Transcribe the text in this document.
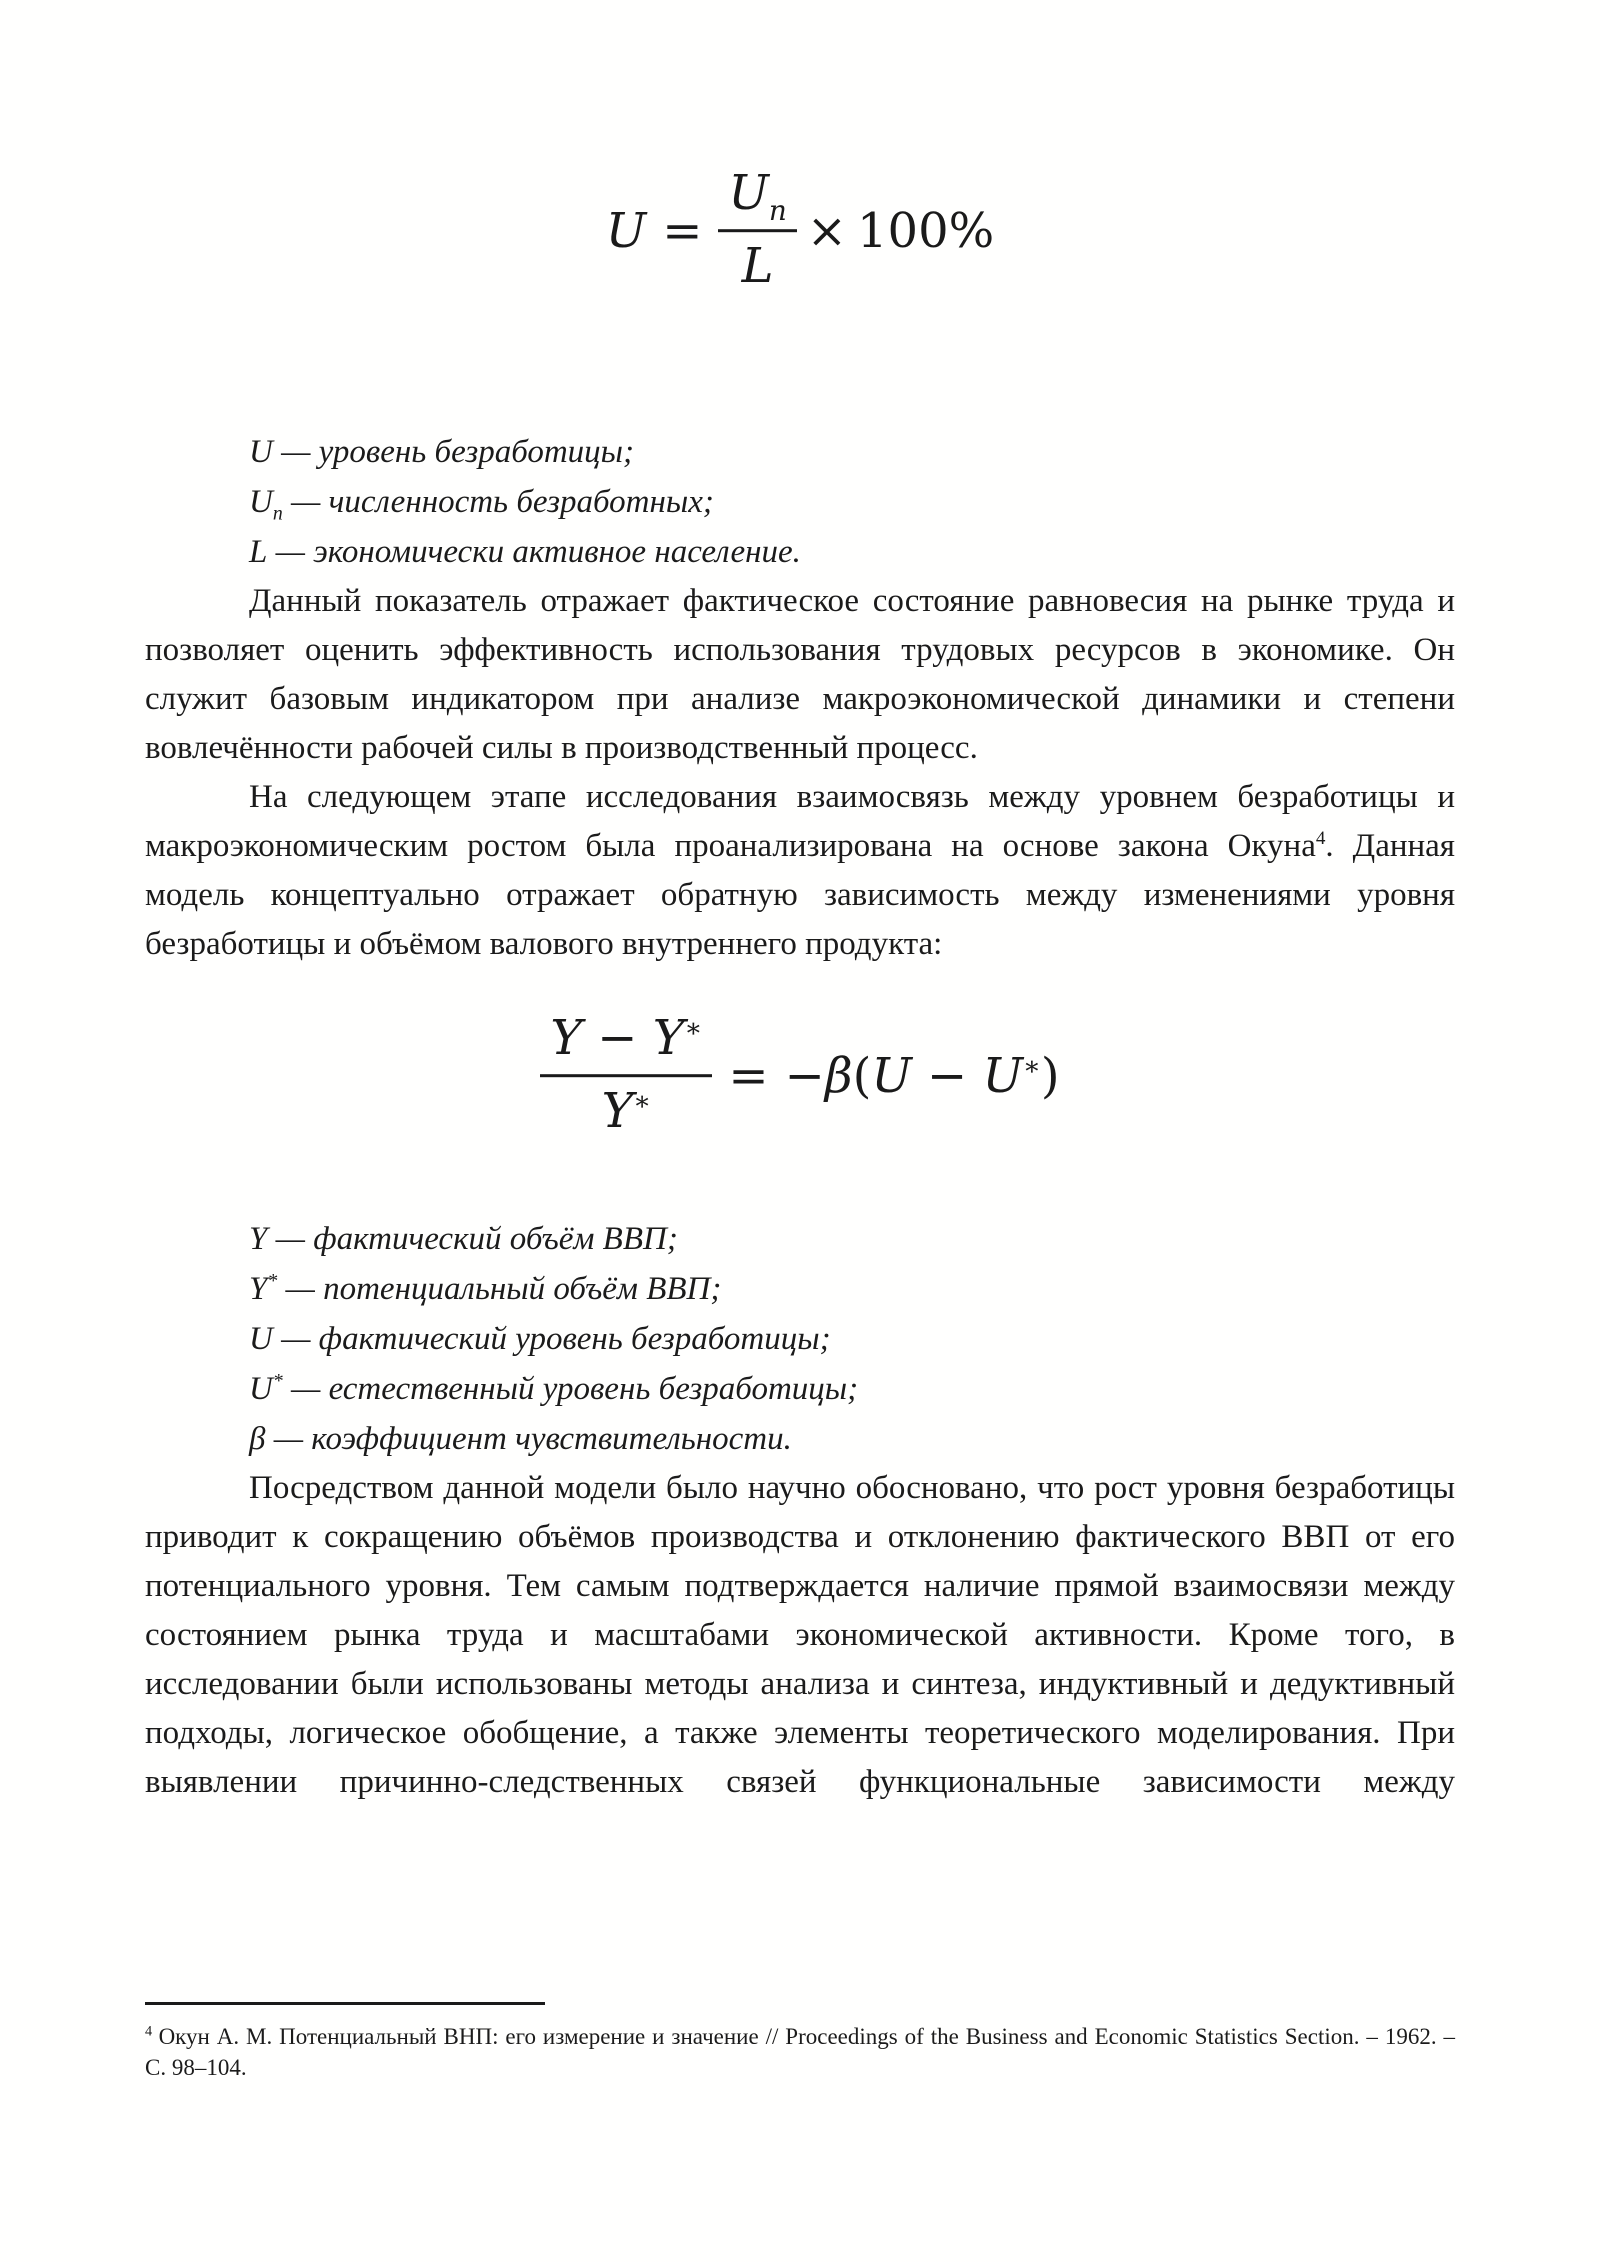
$U = \frac{U_n}{L} \times 100\%$
U — уровень безработицы;
$U_n$ — численность безработных;
L — экономически активное население.

Данный показатель отражает фактическое состояние равновесия на рынке труда и позволяет оценить эффективность использования трудовых ресурсов в экономике. Он служит базовым индикатором при анализе макроэкономической динамики и степени вовлечённости рабочей силы в производственный процесс.

На следующем этапе исследования взаимосвязь между уровнем безработицы и макроэкономическим ростом была проанализирована на основе закона Окуна$^4$. Данная модель концептуально отражает обратную зависимость между изменениями уровня безработицы и объёмом валового внутреннего продукта:

$\frac{Y - Y^∗}{Y^∗} = -\beta(U - U^∗)$
Y — фактический объём ВВП;
Y* — потенциальный объём ВВП;
U — фактический уровень безработицы;
U* — естественный уровень безработицы;
β — коэффициент чувствительности.

Посредством данной модели было научно обосновано, что рост уровня безработицы приводит к сокращению объёмов производства и отклонению фактического ВВП от его потенциального уровня. Тем самым подтверждается наличие прямой взаимосвязи между состоянием рынка труда и масштабами экономической активности. Кроме того, в исследовании были использованы методы анализа и синтеза, индуктивный и дедуктивный подходы, логическое обобщение, а также элементы теоретического моделирования. При выявлении причинно-следственных связей функциональные зависимости между

$^4$ Окун А. М. Потенциальный ВНП: его измерение и значение // Proceedings of the Business and Economic Statistics Section. – 1962. – С. 98–104.
